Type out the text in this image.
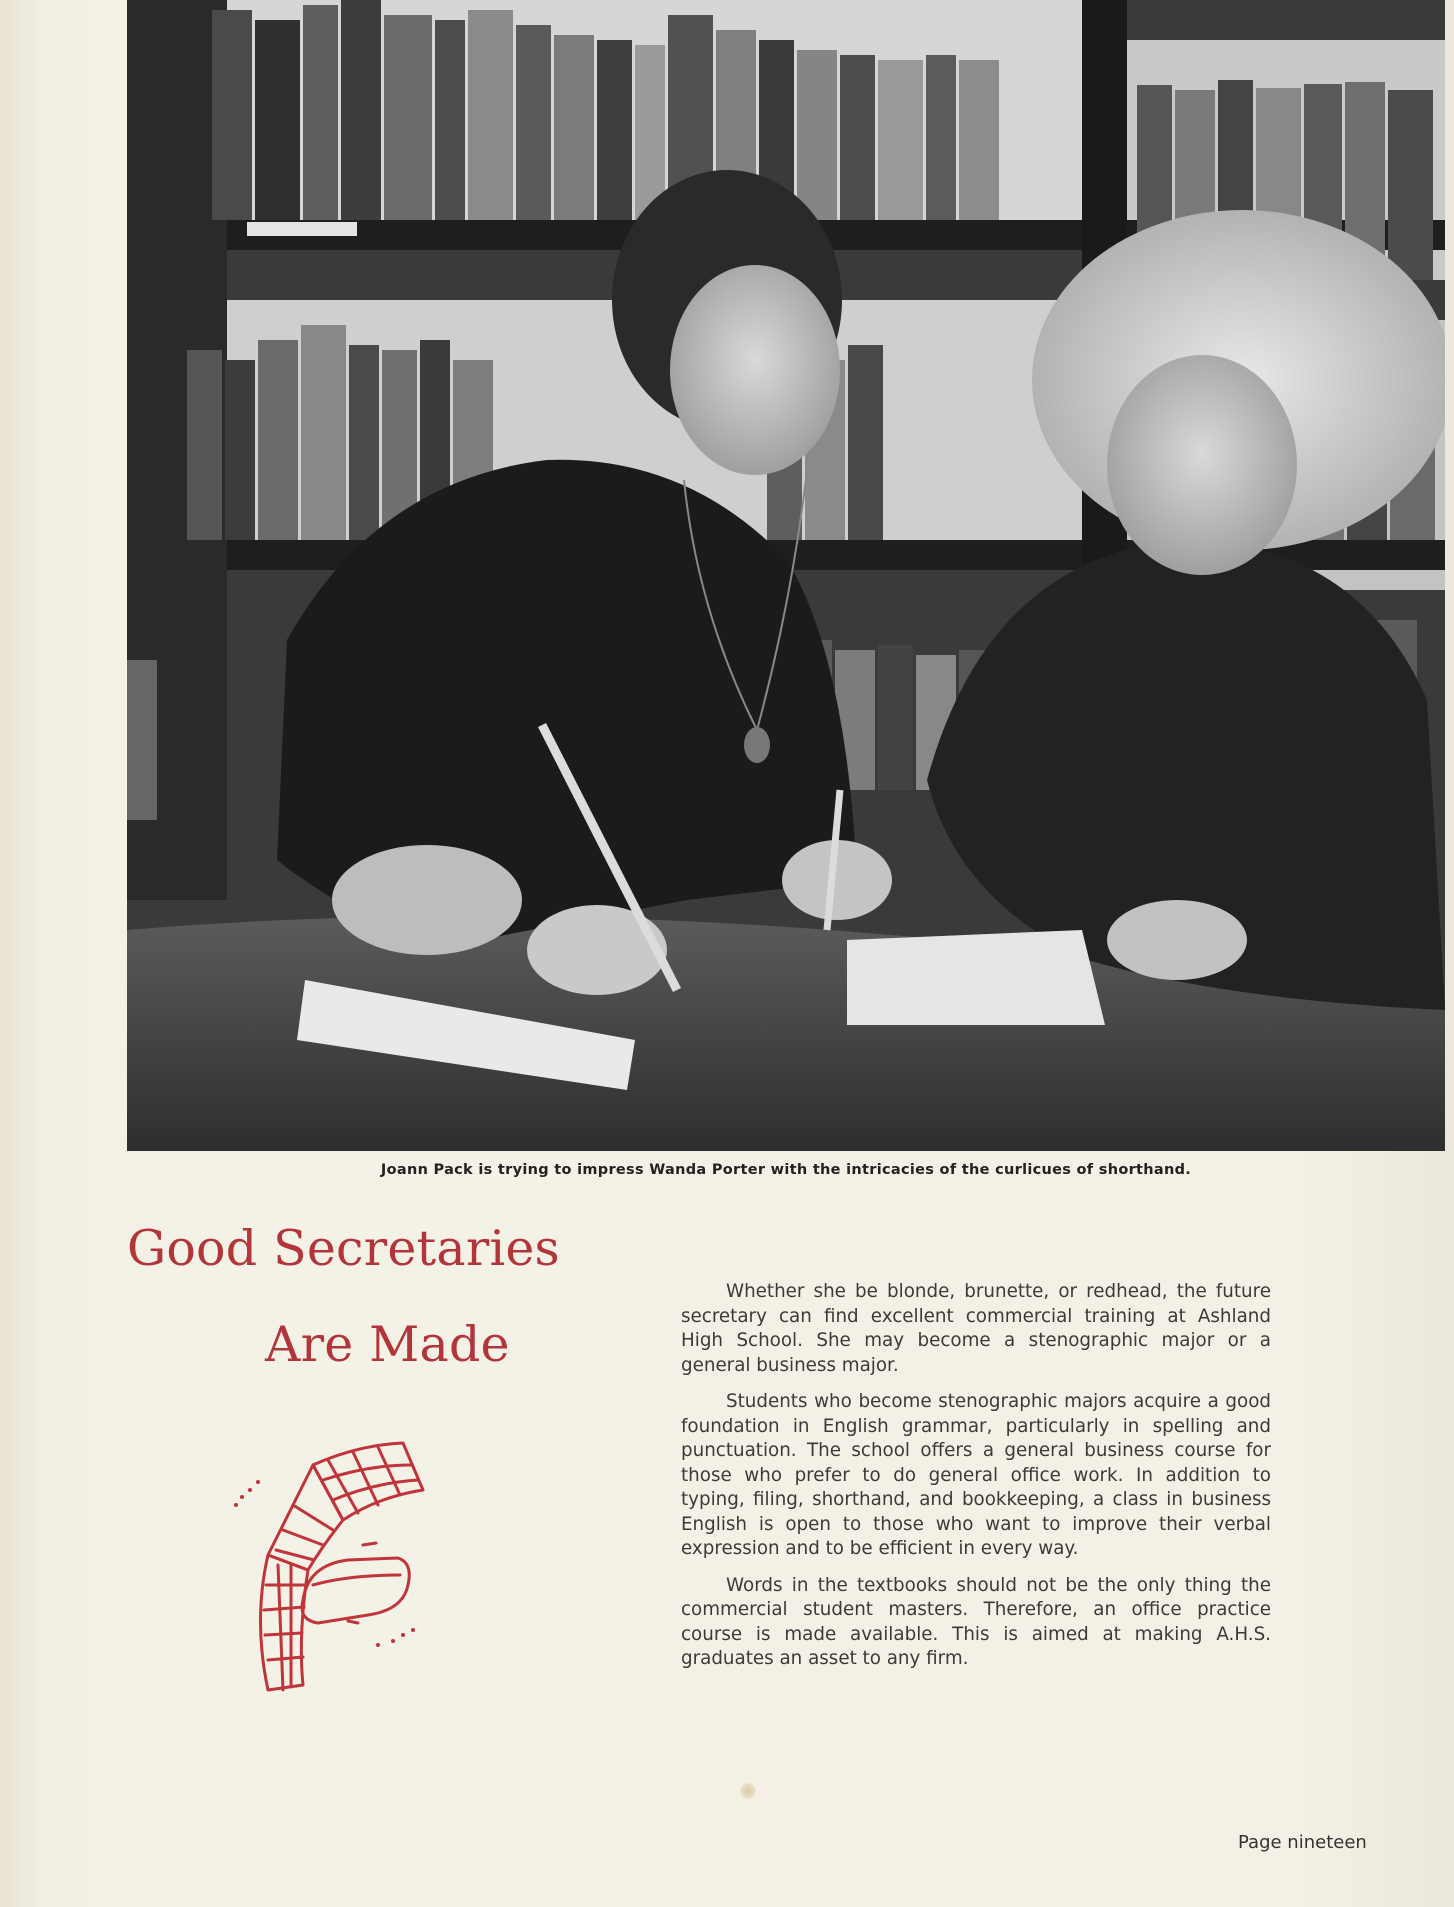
Joann Pack is trying to impress Wanda Porter with the intricacies of the curlicues of shorthand.
Good Secretaries
Are Made

Whether she be blonde, brunette, or redhead, the future secretary can find excellent commercial training at Ashland High School. She may become a stenographic major or a general business major.

Students who become stenographic majors acquire a good foundation in English grammar, particularly in spelling and punctuation. The school offers a general business course for those who prefer to do general office work. In addition to typing, filing, shorthand, and bookkeeping, a class in business English is open to those who want to improve their verbal expression and to be efficient in every way.

Words in the textbooks should not be the only thing the commercial student masters. Therefore, an office practice course is made available. This is aimed at making A.H.S. graduates an asset to any firm.

Page nineteen
